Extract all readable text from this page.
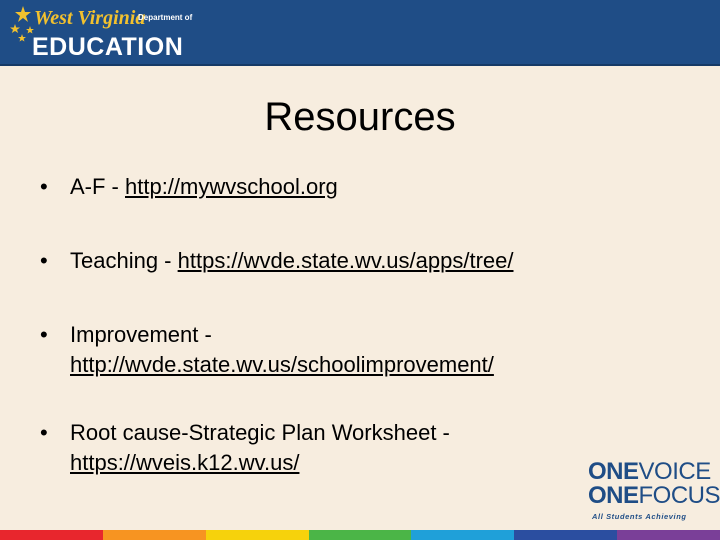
West Virginia
Department of
EDUCATION
Resources
• A-F - http://mywvschool.org
• Teaching - https://wvde.state.wv.us/apps/tree/
• Improvement -
http://wvde.state.wv.us/schoolimprovement/
• Root cause-Strategic Plan Worksheet -
https://wveis.k12.wv.us/	ONEVOICE
ONEFOCUS
All Students Achieving
